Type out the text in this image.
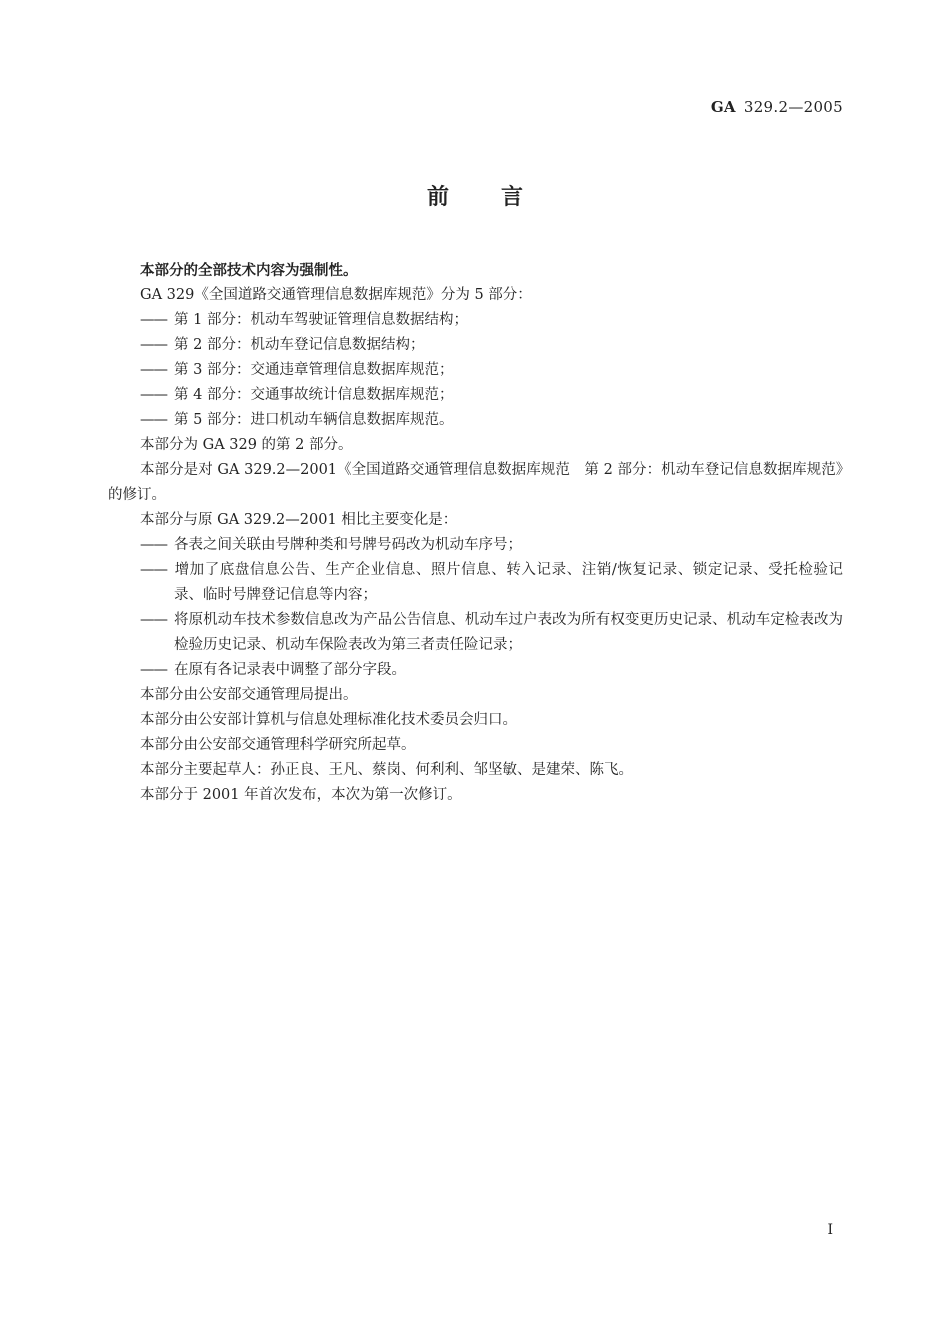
GA 329.2—2005
前言
本部分的全部技术内容为强制性。
GA 329《全国道路交通管理信息数据库规范》分为 5 部分：
—— 第 1 部分：机动车驾驶证管理信息数据结构；
—— 第 2 部分：机动车登记信息数据结构；
—— 第 3 部分：交通违章管理信息数据库规范；
—— 第 4 部分：交通事故统计信息数据库规范；
—— 第 5 部分：进口机动车辆信息数据库规范。
本部分为 GA 329 的第 2 部分。
本部分是对 GA 329.2—2001《全国道路交通管理信息数据库规范　第 2 部分：机动车登记信息数据库规范》的修订。
本部分与原 GA 329.2—2001 相比主要变化是：
—— 各表之间关联由号牌种类和号牌号码改为机动车序号；
—— 增加了底盘信息公告、生产企业信息、照片信息、转入记录、注销/恢复记录、锁定记录、受托检验记录、临时号牌登记信息等内容；
—— 将原机动车技术参数信息改为产品公告信息、机动车过户表改为所有权变更历史记录、机动车定检表改为检验历史记录、机动车保险表改为第三者责任险记录；
—— 在原有各记录表中调整了部分字段。
本部分由公安部交通管理局提出。
本部分由公安部计算机与信息处理标准化技术委员会归口。
本部分由公安部交通管理科学研究所起草。
本部分主要起草人：孙正良、王凡、蔡岗、何利利、邹坚敏、是建荣、陈飞。
本部分于 2001 年首次发布，本次为第一次修订。
I
